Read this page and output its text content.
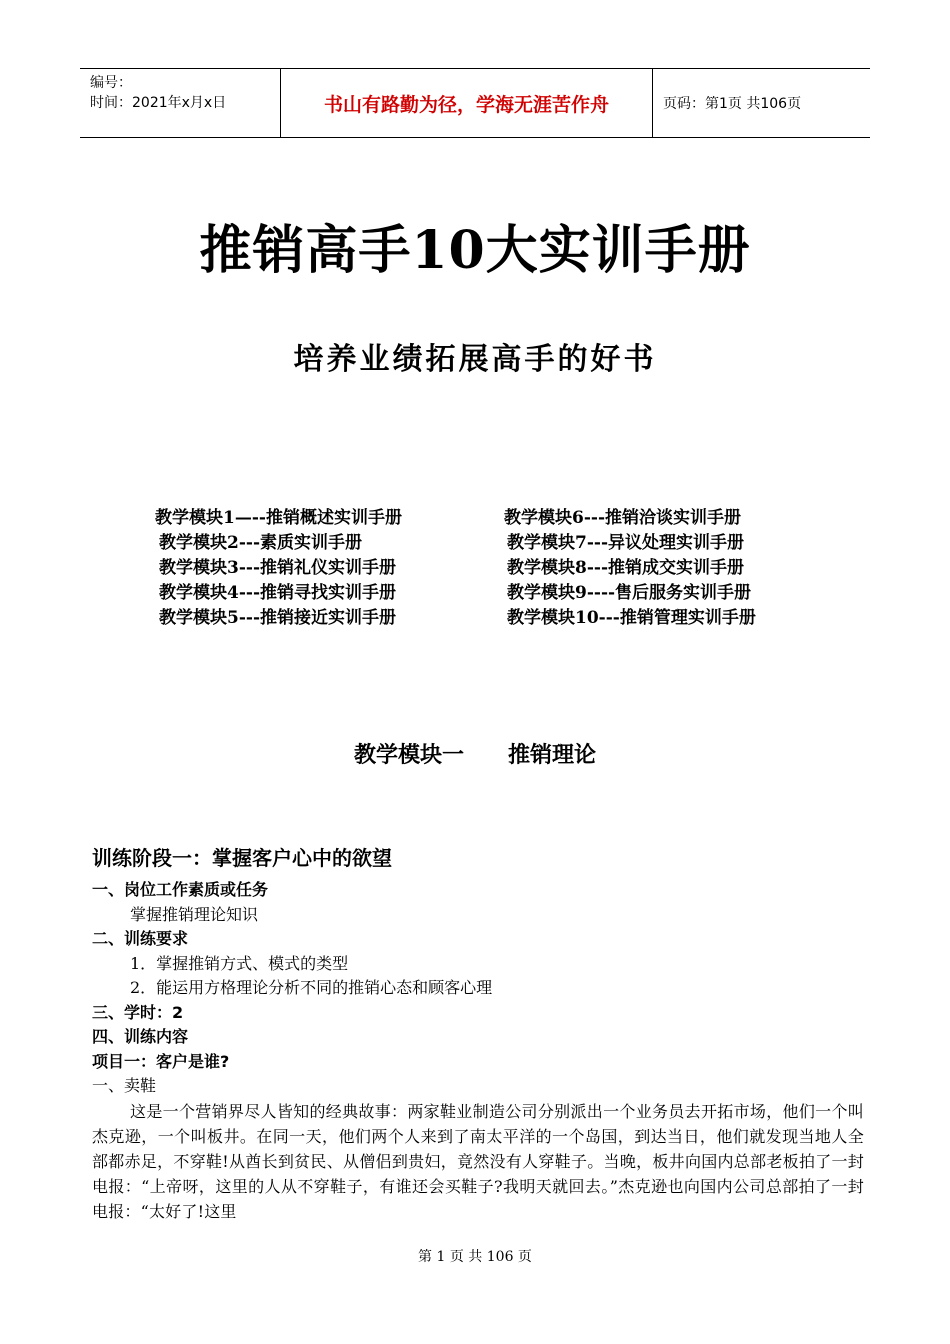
编号：
时间：2021年x月x日	书山有路勤为径，学海无涯苦作舟	页码：第1页 共106页
推销高手10大实训手册
培养业绩拓展高手的好书
教学模块1—--推销概述实训手册
教学模块2---素质实训手册
教学模块3---推销礼仪实训手册
教学模块4---推销寻找实训手册
教学模块5---推销接近实训手册
教学模块6---推销洽谈实训手册
教学模块7---异议处理实训手册
教学模块8---推销成交实训手册
教学模块9----售后服务实训手册
教学模块10---推销管理实训手册
教学模块一 推销理论
训练阶段一：掌握客户心中的欲望
一、岗位工作素质或任务
掌握推销理论知识
二、训练要求
1．掌握推销方式、模式的类型
2．能运用方格理论分析不同的推销心态和顾客心理
三、学时：2
四、训练内容
项目一：客户是谁?
一、卖鞋
这是一个营销界尽人皆知的经典故事：两家鞋业制造公司分别派出一个业务员去开拓市场，他们一个叫杰克逊，一个叫板井。在同一天，他们两个人来到了南太平洋的一个岛国，到达当日，他们就发现当地人全部都赤足，不穿鞋!从酋长到贫民、从僧侣到贵妇，竟然没有人穿鞋子。当晚，板井向国内总部老板拍了一封电报：“上帝呀，这里的人从不穿鞋子，有谁还会买鞋子?我明天就回去。”杰克逊也向国内公司总部拍了一封电报：“太好了!这里
第 1 页 共 106 页
